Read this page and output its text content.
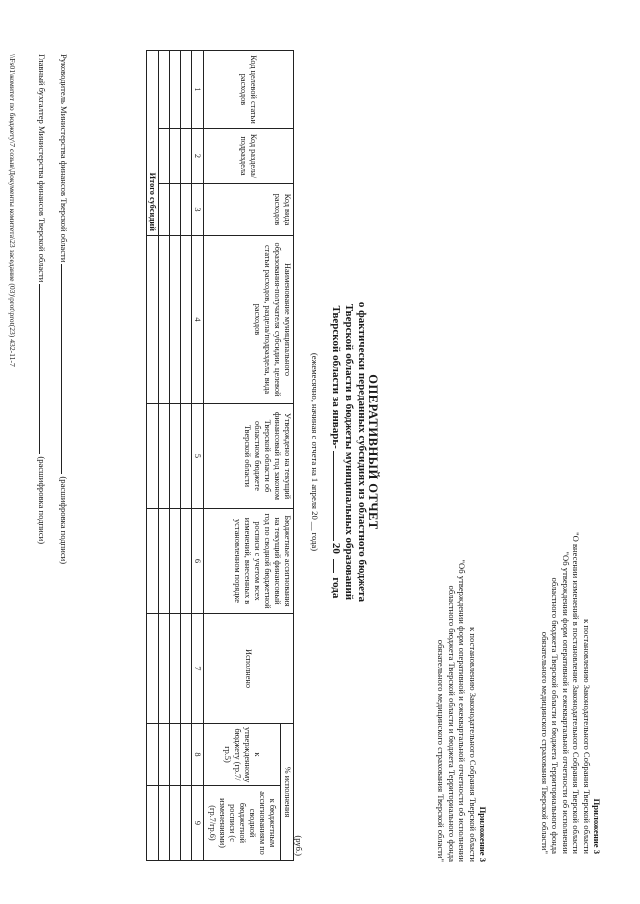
Приложение 3
к постановлению Законодательного Собрания Тверской области
"О внесении изменений в постановление Законодательного Собрания Тверской области
"Об утверждении форм оперативной и ежеквартальной отчетности об исполнении
областного бюджета Тверской области и бюджета Территориального фонда
обязательного медицинского страхования Тверской области"
Приложение 3
к постановлению Законодательного Собрания Тверской области
"Об утверждении форм оперативной и ежеквартальной отчетности об исполнении
областного бюджета Тверской области и бюджета Территориального фонда
обязательного медицинского страхования Тверской области"
ОПЕРАТИВНЫЙ ОТЧЕТ
о фактически переданных субсидиях из областного бюджета
Тверской области в бюджеты муниципальных образований
Тверской области за январь-20  года
(ежемесячно, начиная с отчета на 1 апреля 20 __ года)
(руб.)
Код целевой статьи расходов	Код раздела/ подраздела	Код вида расходов	Наименование муниципального образования-получателя субсидии, целевой статьи расходов, раздела/подраздела, вида расходов	Утверждено на текущий финансовый год законом Тверской области об областном бюджете Тверской области	Бюджетные ассигнования на текущий финансовый год по сводной бюджетной росписи с учетом всех изменений, внесенных в установленном порядке	Исполнено	% исполнения	
							к утвержденному бюджету (гр.7/гр.5)	к бюджетным ассигнованиям по сводной бюджетной росписи (с изменениями) (гр.7/гр.6)
1	2	3	4	5	6	7	8	9

Итого субсидий								
Руководитель Министерства финансов Тверской области(расшифровка подписи)
Главный бухгалтер Министерства финансов Тверской области(расшифровка подписи)
\\Fs01\комитет по бюджету\7 созыв\Документы комитета\23 заседание (03)\prot\prot(23) 432-11-7
